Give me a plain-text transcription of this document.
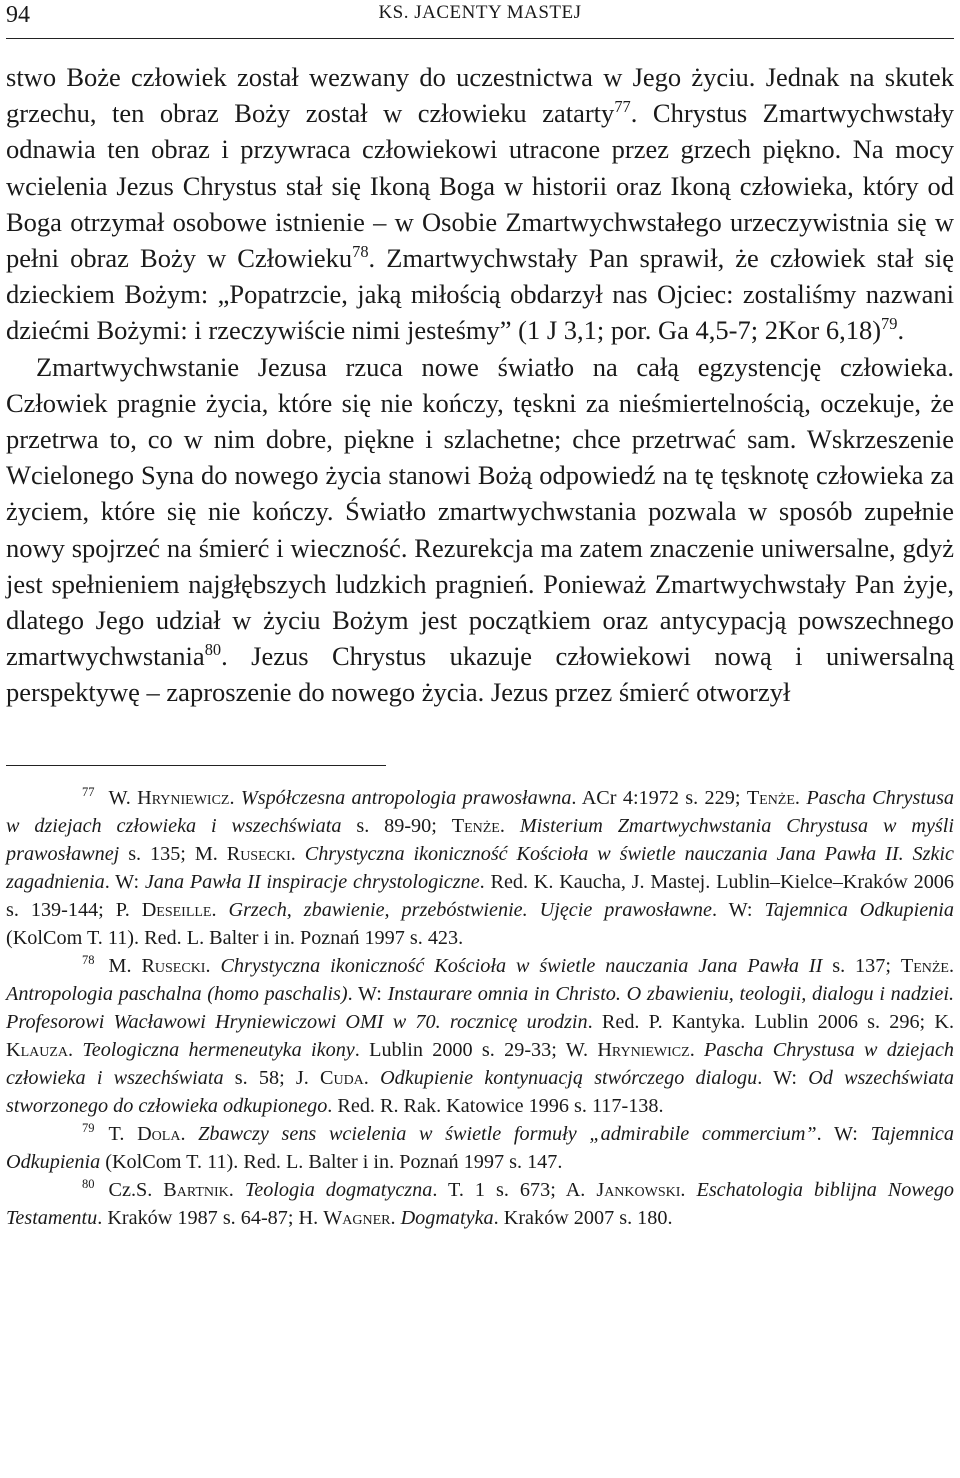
94	KS. JACENTY MASTEJ

stwo Boże człowiek został wezwany do uczestnictwa w Jego życiu. Jednak na skutek grzechu, ten obraz Boży został w człowieku zatarty$^{77}$. Chrystus Zmartwychwstały odnawia ten obraz i przywraca człowiekowi utracone przez grzech piękno. Na mocy wcielenia Jezus Chrystus stał się Ikoną Boga w historii oraz Ikoną człowieka, który od Boga otrzymał osobowe istnienie – w Osobie Zmartwychwstałego urzeczywistnia się w pełni obraz Boży w Człowieku$^{78}$. Zmartwychwstały Pan sprawił, że człowiek stał się dzieckiem Bożym: „Popatrzcie, jaką miłością obdarzył nas Ojciec: zostaliśmy nazwani dziećmi Bożymi: i rzeczywiście nimi jesteśmy” (1 J 3,1; por. Ga 4,5-7; 2Kor 6,18)$^{79}$.

Zmartwychwstanie Jezusa rzuca nowe światło na całą egzystencję człowieka. Człowiek pragnie życia, które się nie kończy, tęskni za nieśmiertelnością, oczekuje, że przetrwa to, co w nim dobre, piękne i szlachetne; chce przetrwać sam. Wskrzeszenie Wcielonego Syna do nowego życia stanowi Bożą odpowiedź na tę tęsknotę człowieka za życiem, które się nie kończy. Światło zmartwychwstania pozwala w sposób zupełnie nowy spojrzeć na śmierć i wieczność. Rezurekcja ma zatem znaczenie uniwersalne, gdyż jest spełnieniem najgłębszych ludzkich pragnień. Ponieważ Zmartwychwstały Pan żyje, dlatego Jego udział w życiu Bożym jest początkiem oraz antycypacją powszechnego zmartwychwstania$^{80}$. Jezus Chrystus ukazuje człowiekowi nową i uniwersalną perspektywę – zaproszenie do nowego życia. Jezus przez śmierć otworzył

$^{77}$ W. Hryniewicz. Współczesna antropologia prawosławna. ACr 4:1972 s. 229; Tenże. Pascha Chrystusa w dziejach człowieka i wszechświata s. 89-90; Tenże. Misterium Zmartwychwstania Chrystusa w myśli prawosławnej s. 135; M. Rusecki. Chrystyczna ikoniczność Kościoła w świetle nauczania Jana Pawła II. Szkic zagadnienia. W: Jana Pawła II inspiracje chrystologiczne. Red. K. Kaucha, J. Mastej. Lublin–Kielce–Kraków 2006 s. 139-144; P. Deseille. Grzech, zbawienie, przebóstwienie. Ujęcie prawosławne. W: Tajemnica Odkupienia (KolCom T. 11). Red. L. Balter i in. Poznań 1997 s. 423.

$^{78}$ M. Rusecki. Chrystyczna ikoniczność Kościoła w świetle nauczania Jana Pawła II s. 137; Tenże. Antropologia paschalna (homo paschalis). W: Instaurare omnia in Christo. O zbawieniu, teologii, dialogu i nadziei. Profesorowi Wacławowi Hryniewiczowi OMI w 70. rocznicę urodzin. Red. P. Kantyka. Lublin 2006 s. 296; K. Klauza. Teologiczna hermeneutyka ikony. Lublin 2000 s. 29-33; W. Hryniewicz. Pascha Chrystusa w dziejach człowieka i wszechświata s. 58; J. Cuda. Odkupienie kontynuacją stwórczego dialogu. W: Od wszechświata stworzonego do człowieka odkupionego. Red. R. Rak. Katowice 1996 s. 117-138.

$^{79}$ T. Dola. Zbawczy sens wcielenia w świetle formuły „admirabile commercium”. W: Tajemnica Odkupienia (KolCom T. 11). Red. L. Balter i in. Poznań 1997 s. 147.

$^{80}$ Cz.S. Bartnik. Teologia dogmatyczna. T. 1 s. 673; A. Jankowski. Eschatologia biblijna Nowego Testamentu. Kraków 1987 s. 64-87; H. Wagner. Dogmatyka. Kraków 2007 s. 180.
